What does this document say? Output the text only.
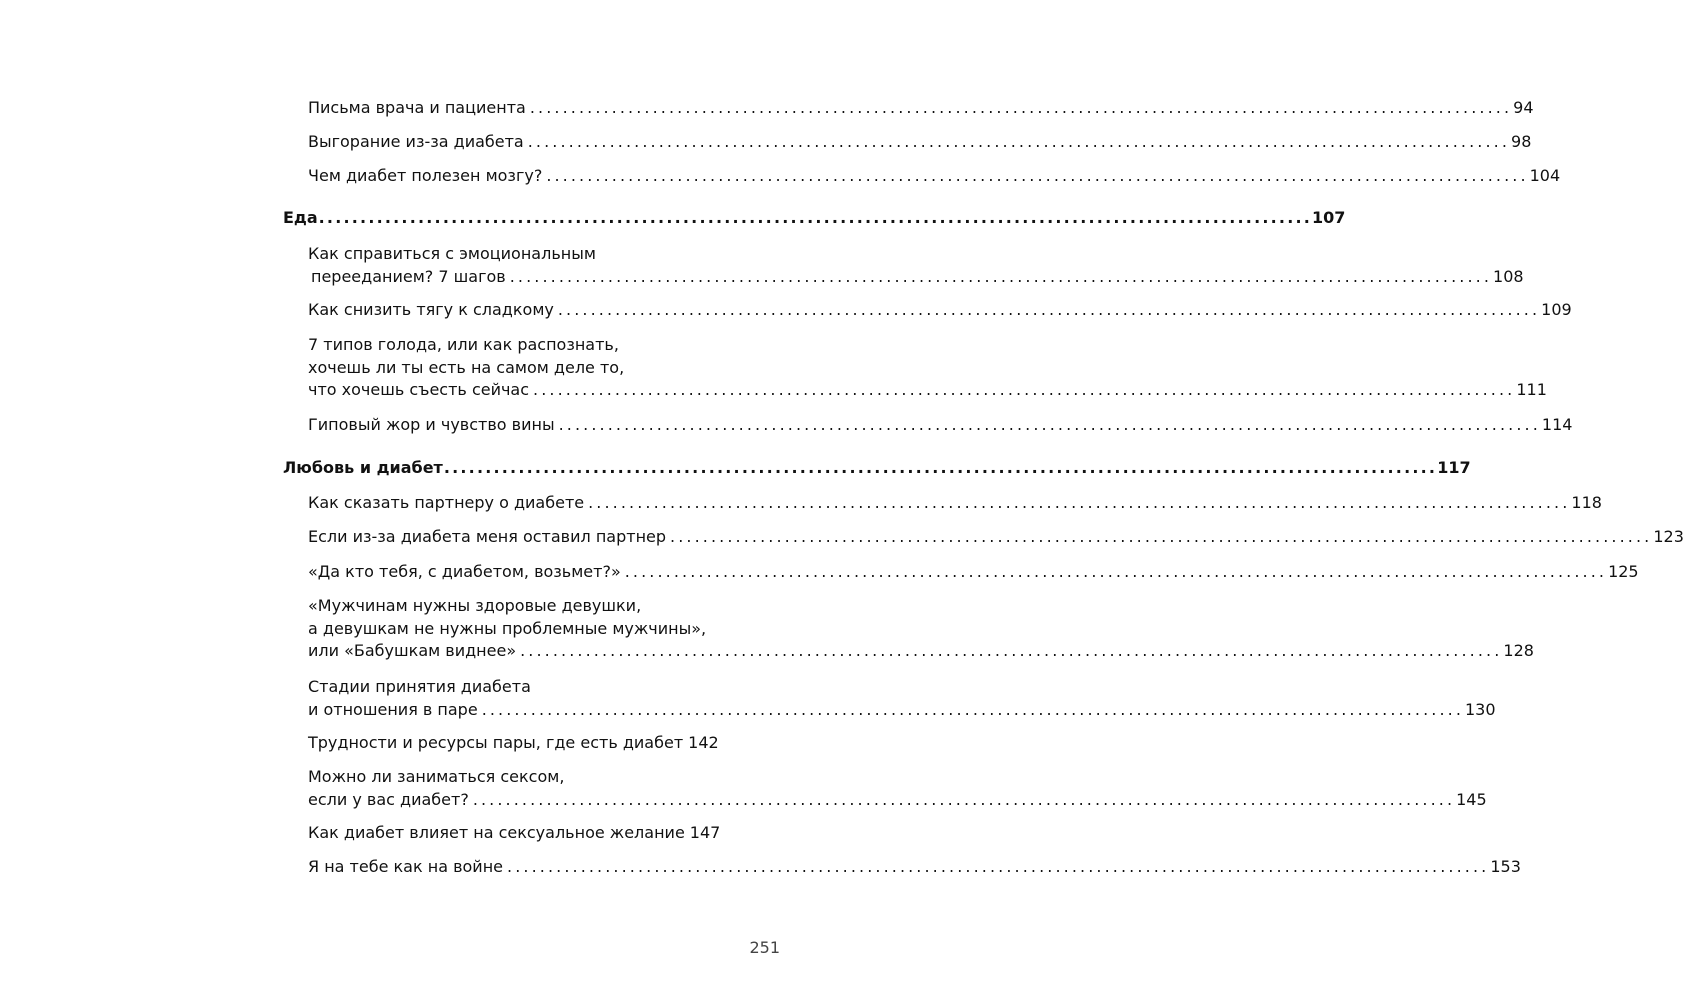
Письма врача и пациента ........................................................................................................................ 94
Выгорание из-за диабета ........................................................................................................................ 98
Чем диабет полезен мозгу? ........................................................................................................................ 104
Еда ........................................................................................................................ 107
Как справиться с эмоциональным
перееданием? 7 шагов ........................................................................................................................ 108
Как снизить тягу к сладкому ........................................................................................................................ 109
7 типов голода, или как распознать,
хочешь ли ты есть на самом деле то,
что хочешь съесть сейчас ........................................................................................................................ 111
Гиповый жор и чувство вины ........................................................................................................................ 114
Любовь и диабет ........................................................................................................................ 117
Как сказать партнеру о диабете ........................................................................................................................ 118
Если из-за диабета меня оставил партнер ........................................................................................................................ 123
«Да кто тебя, с диабетом, возьмет?» ........................................................................................................................ 125
«Мужчинам нужны здоровые девушки,
а девушкам не нужны проблемные мужчины»,
или «Бабушкам виднее» ........................................................................................................................ 128
Стадии принятия диабета
и отношения в паре ........................................................................................................................ 130
Трудности и ресурсы пары, где есть диабет 142
Можно ли заниматься сексом,
если у вас диабет? ........................................................................................................................ 145
Как диабет влияет на сексуальное желание 147
Я на тебе как на войне ........................................................................................................................ 153
251
